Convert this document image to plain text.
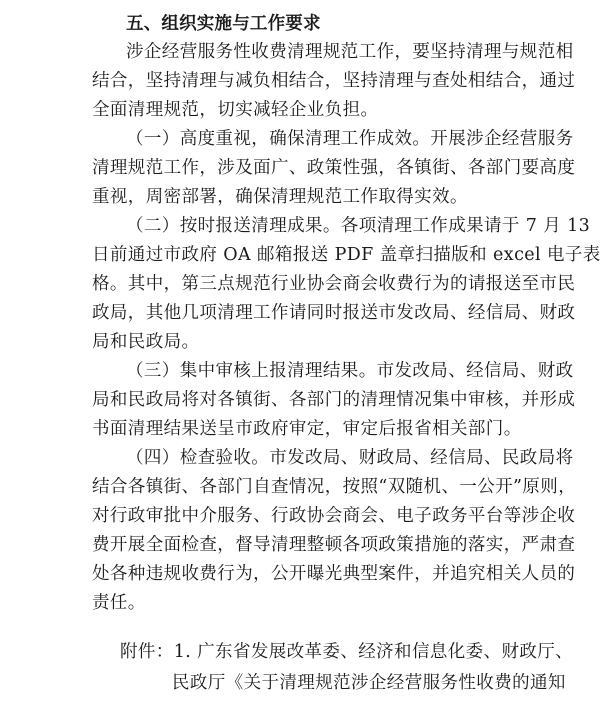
五、组织实施与工作要求
涉企经营服务性收费清理规范工作，要坚持清理与规范相
结合，坚持清理与减负相结合，坚持清理与查处相结合，通过
全面清理规范，切实减轻企业负担。
（一）高度重视，确保清理工作成效。开展涉企经营服务
清理规范工作，涉及面广、政策性强，各镇街、各部门要高度
重视，周密部署，确保清理规范工作取得实效。
（二）按时报送清理成果。各项清理工作成果请于 7 月 13
日前通过市政府 OA 邮箱报送 PDF 盖章扫描版和 excel 电子表
格。其中，第三点规范行业协会商会收费行为的请报送至市民
政局，其他几项清理工作请同时报送市发改局、经信局、财政
局和民政局。
（三）集中审核上报清理结果。市发改局、经信局、财政
局和民政局将对各镇街、各部门的清理情况集中审核，并形成
书面清理结果送呈市政府审定，审定后报省相关部门。
（四）检查验收。市发改局、财政局、经信局、民政局将
结合各镇街、各部门自查情况，按照“双随机、一公开”原则，
对行政审批中介服务、行政协会商会、电子政务平台等涉企收
费开展全面检查，督导清理整顿各项政策措施的落实，严肃查
处各种违规收费行为，公开曝光典型案件，并追究相关人员的
责任。
附件：1. 广东省发展改革委、经济和信息化委、财政厅、
民政厅《关于清理规范涉企经营服务性收费的通知
